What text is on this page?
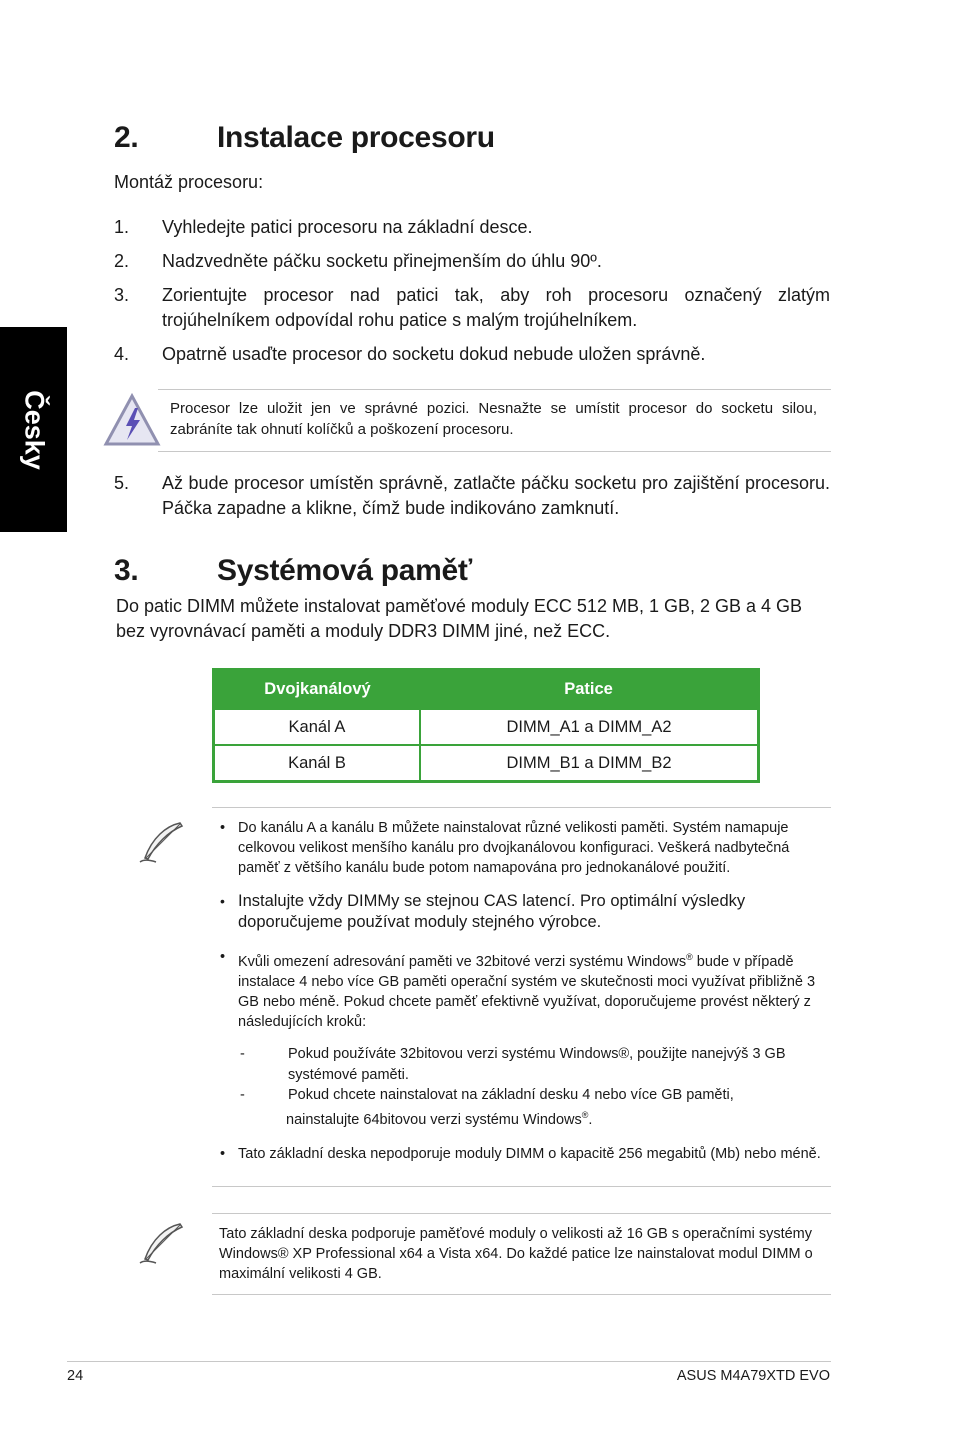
Česky
2.	Instalace procesoru
Montáž procesoru:
1.	Vyhledejte patici procesoru na základní desce.
2.	Nadzvedněte páčku socketu přinejmenším do úhlu 90º.
3.	Zorientujte procesor nad patici tak, aby roh procesoru označený zlatým trojúhelníkem odpovídal rohu patice s malým trojúhelníkem.
4.	Opatrně usaďte procesor do socketu dokud nebude uložen správně.
Procesor lze uložit jen ve správné pozici. Nesnažte se umístit procesor do socketu silou, zabráníte tak ohnutí kolíčků a poškození procesoru.
5.	Až bude procesor umístěn správně, zatlačte páčku socketu pro zajištění procesoru. Páčka zapadne a klikne, čímž bude indikováno zamknutí.
3.	Systémová paměť
Do patic DIMM můžete instalovat paměťové moduly ECC 512 MB, 1 GB, 2 GB a 4 GB bez vyrovnávací paměti a moduly DDR3 DIMM jiné, než ECC.
Dvojkanálový	Patice
Kanál A	DIMM_A1 a DIMM_A2
Kanál B	DIMM_B1 a DIMM_B2
• Do kanálu A a kanálu B můžete nainstalovat různé velikosti paměti. Systém namapuje celkovou velikost menšího kanálu pro dvojkanálovou konfiguraci. Veškerá nadbytečná paměť z většího kanálu bude potom namapována pro jednokanálové použití.
• Instalujte vždy DIMMy se stejnou CAS latencí. Pro optimální výsledky doporučujeme používat moduly stejného výrobce.
• Kvůli omezení adresování paměti ve 32bitové verzi systému Windows® bude v případě instalace 4 nebo více GB paměti operační systém ve skutečnosti moci využívat přibližně 3 GB nebo méně. Pokud chcete paměť efektivně využívat, doporučujeme provést některý z následujících kroků:
-	Pokud používáte 32bitovou verzi systému Windows®, použijte nanejvýš 3 GB
systémové paměti.
-	Pokud chcete nainstalovat na základní desku 4 nebo více GB paměti,
nainstalujte 64bitovou verzi systému Windows®.
• Tato základní deska nepodporuje moduly DIMM o kapacitě 256 megabitů (Mb) nebo méně.
Tato základní deska podporuje paměťové moduly o velikosti až 16 GB s operačními systémy Windows® XP Professional x64 a Vista x64. Do každé patice lze nainstalovat modul DIMM o maximální velikosti 4 GB.
24	ASUS M4A79XTD EVO
